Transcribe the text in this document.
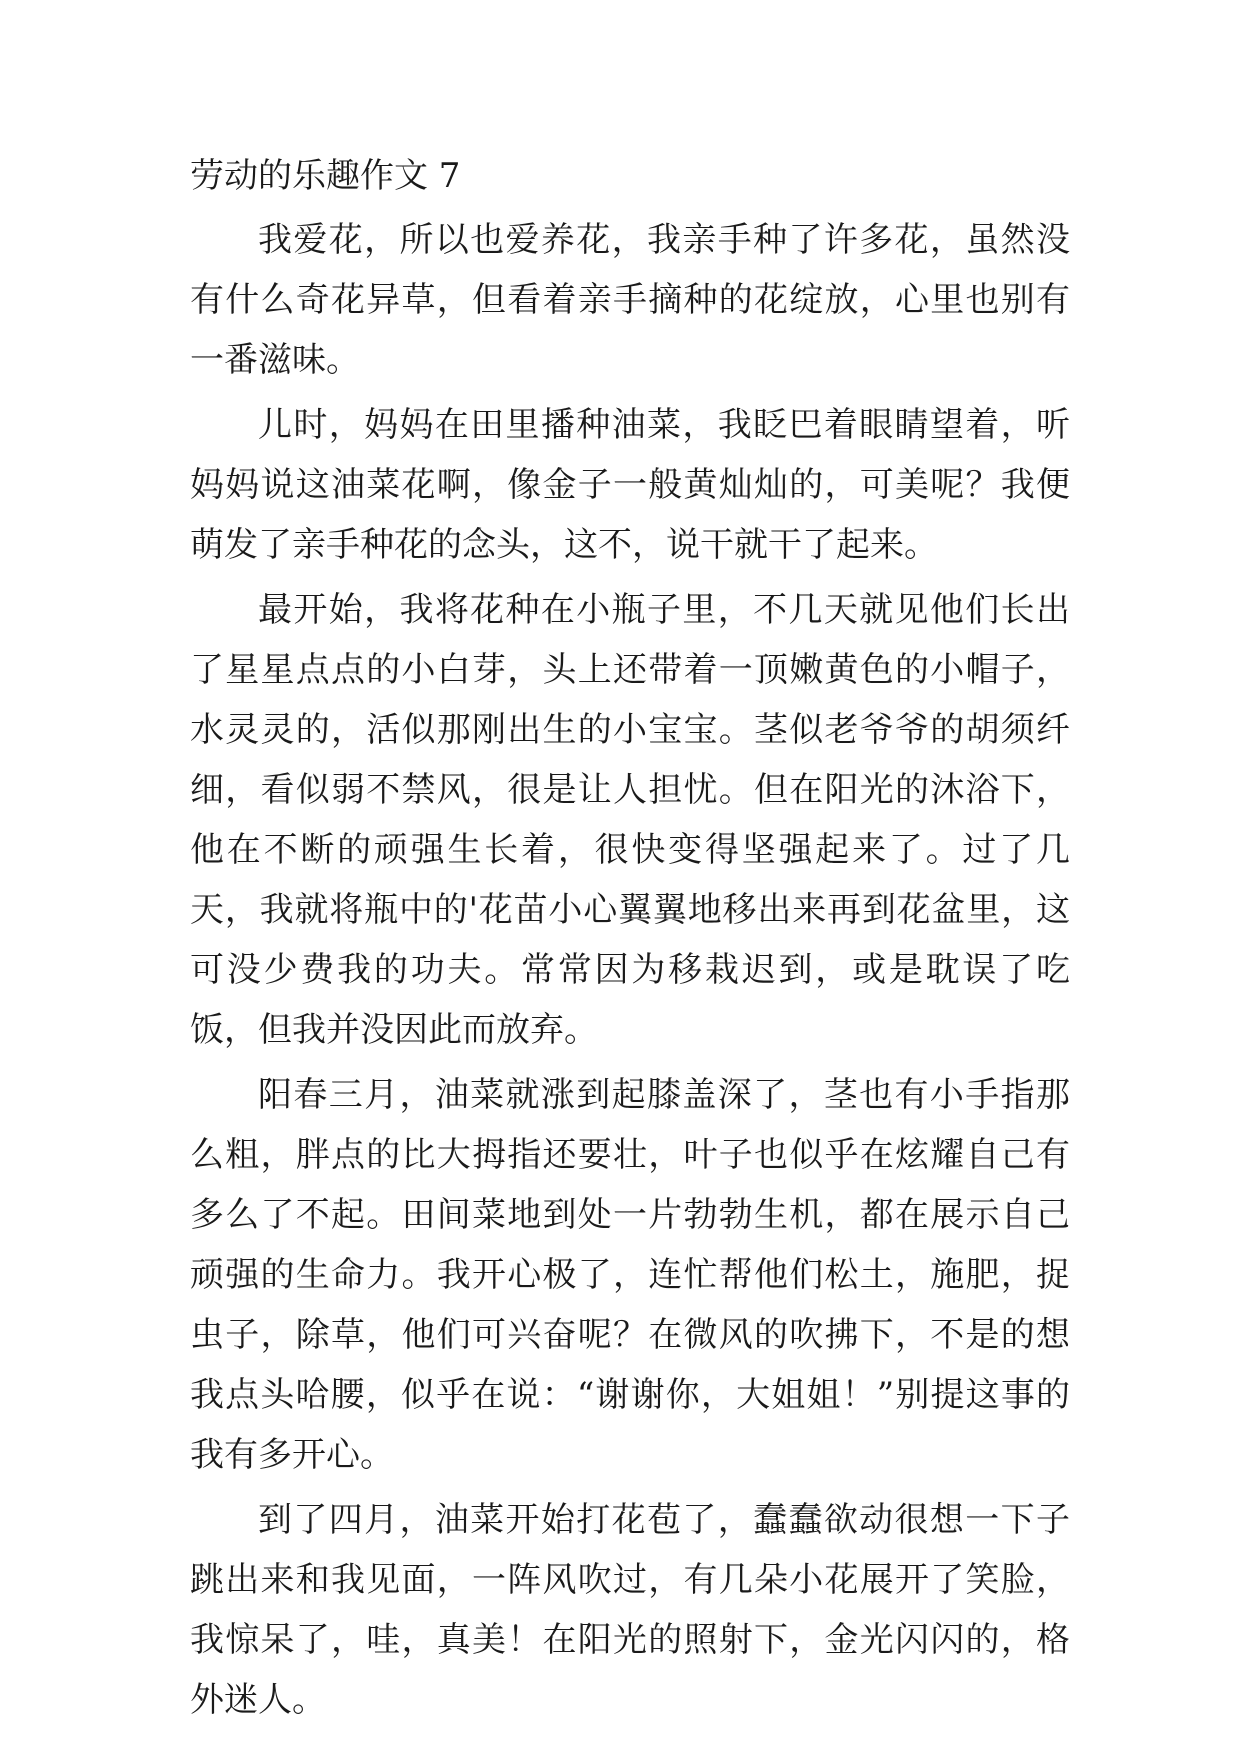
劳动的乐趣作文 7

我爱花，所以也爱养花，我亲手种了许多花，虽然没有什么奇花异草，但看着亲手摘种的花绽放，心里也别有一番滋味。

儿时，妈妈在田里播种油菜，我眨巴着眼睛望着，听妈妈说这油菜花啊，像金子一般黄灿灿的，可美呢？我便萌发了亲手种花的念头，这不，说干就干了起来。

最开始，我将花种在小瓶子里，不几天就见他们长出了星星点点的小白芽，头上还带着一顶嫩黄色的小帽子，水灵灵的，活似那刚出生的小宝宝。茎似老爷爷的胡须纤细，看似弱不禁风，很是让人担忧。但在阳光的沐浴下，他在不断的顽强生长着，很快变得坚强起来了。过了几天，我就将瓶中的'花苗小心翼翼地移出来再到花盆里，这可没少费我的功夫。常常因为移栽迟到，或是耽误了吃饭，但我并没因此而放弃。

阳春三月，油菜就涨到起膝盖深了，茎也有小手指那么粗，胖点的比大拇指还要壮，叶子也似乎在炫耀自己有多么了不起。田间菜地到处一片勃勃生机，都在展示自己顽强的生命力。我开心极了，连忙帮他们松土，施肥，捉虫子，除草，他们可兴奋呢？在微风的吹拂下，不是的想我点头哈腰，似乎在说：“谢谢你，大姐姐！”别提这事的我有多开心。

到了四月，油菜开始打花苞了，蠢蠢欲动很想一下子跳出来和我见面，一阵风吹过，有几朵小花展开了笑脸，我惊呆了，哇，真美！在阳光的照射下，金光闪闪的，格外迷人。
